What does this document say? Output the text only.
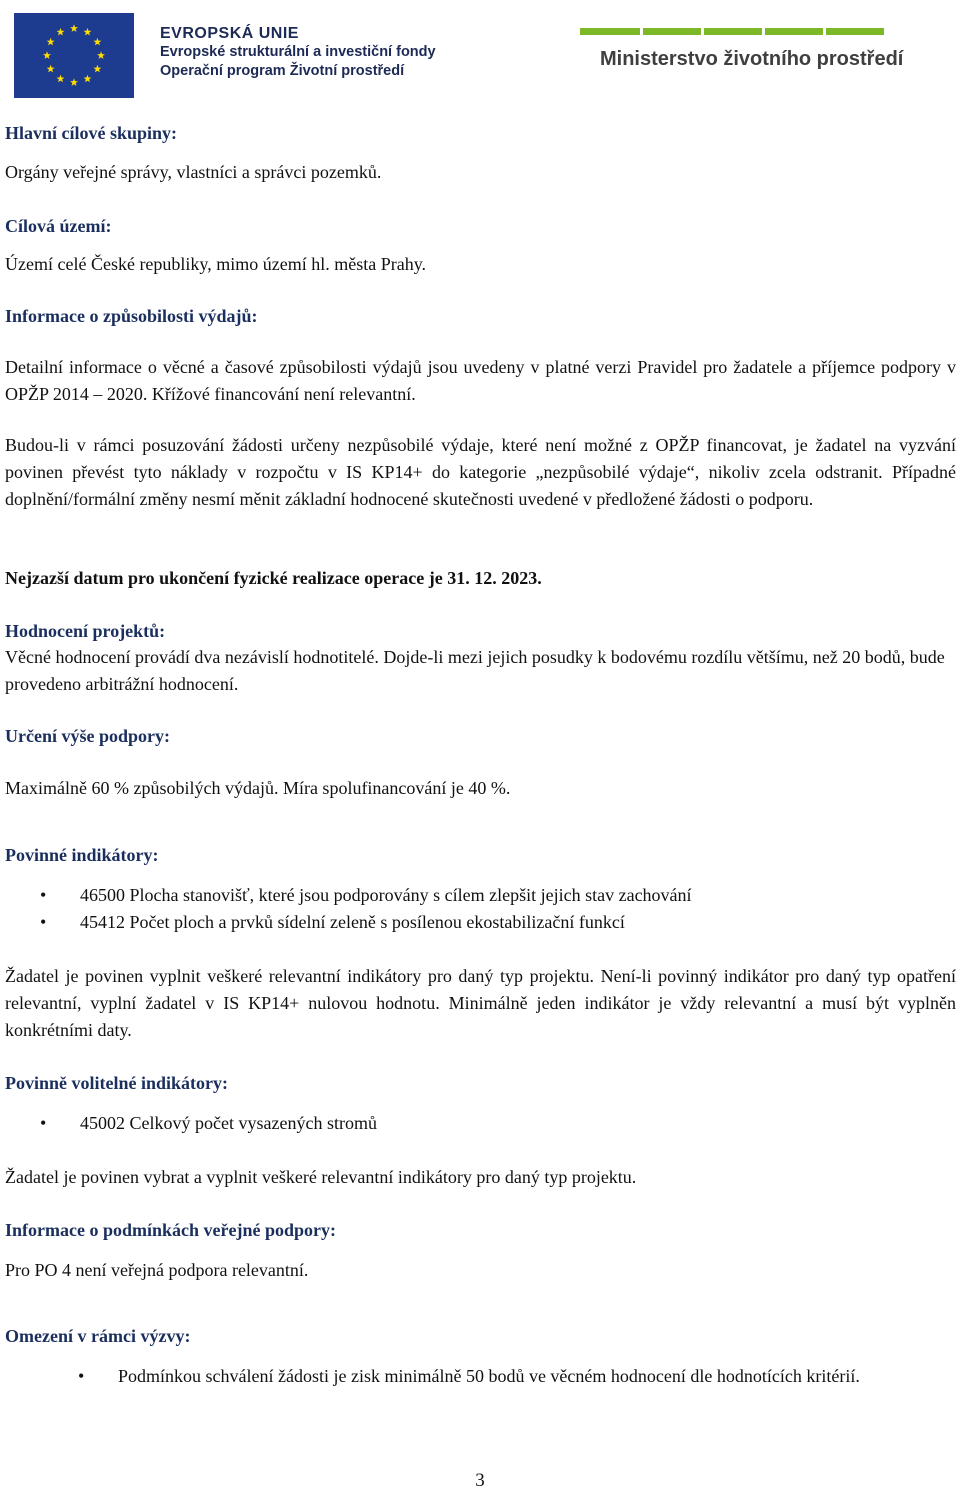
EVROPSKÁ UNIE
Evropské strukturální a investiční fondy
Operační program Životní prostředí
Ministerstvo životního prostředí
Hlavní cílové skupiny:
Orgány veřejné správy, vlastníci a správci pozemků.
Cílová území:
Území celé České republiky, mimo území hl. města Prahy.
Informace o způsobilosti výdajů:
Detailní informace o věcné a časové způsobilosti výdajů jsou uvedeny v platné verzi Pravidel pro žadatele a příjemce podpory v OPŽP 2014 – 2020. Křížové financování není relevantní.
Budou-li v rámci posuzování žádosti určeny nezpůsobilé výdaje, které není možné z OPŽP financovat, je žadatel na vyzvání povinen převést tyto náklady v rozpočtu v IS KP14+ do kategorie „nezpůsobilé výdaje“, nikoliv zcela odstranit. Případné doplnění/formální změny nesmí měnit základní hodnocené skutečnosti uvedené v předložené žádosti o podporu.
Nejzazší datum pro ukončení fyzické realizace operace je 31. 12. 2023.
Hodnocení projektů:
Věcné hodnocení provádí dva nezávislí hodnotitelé. Dojde-li mezi jejich posudky k bodovému rozdílu většímu, než 20 bodů, bude provedeno arbitrážní hodnocení.
Určení výše podpory:
Maximálně 60 % způsobilých výdajů. Míra spolufinancování je 40 %.
Povinné indikátory:
• 46500 Plocha stanovišť, které jsou podporovány s cílem zlepšit jejich stav zachování
• 45412 Počet ploch a prvků sídelní zeleně s posílenou ekostabilizační funkcí
Žadatel je povinen vyplnit veškeré relevantní indikátory pro daný typ projektu. Není-li povinný indikátor pro daný typ opatření relevantní, vyplní žadatel v IS KP14+ nulovou hodnotu. Minimálně jeden indikátor je vždy relevantní a musí být vyplněn konkrétními daty.
Povinně volitelné indikátory:
• 45002 Celkový počet vysazených stromů
Žadatel je povinen vybrat a vyplnit veškeré relevantní indikátory pro daný typ projektu.
Informace o podmínkách veřejné podpory:
Pro PO 4 není veřejná podpora relevantní.
Omezení v rámci výzvy:
• Podmínkou schválení žádosti je zisk minimálně 50 bodů ve věcném hodnocení dle hodnotících kritérií.
3
